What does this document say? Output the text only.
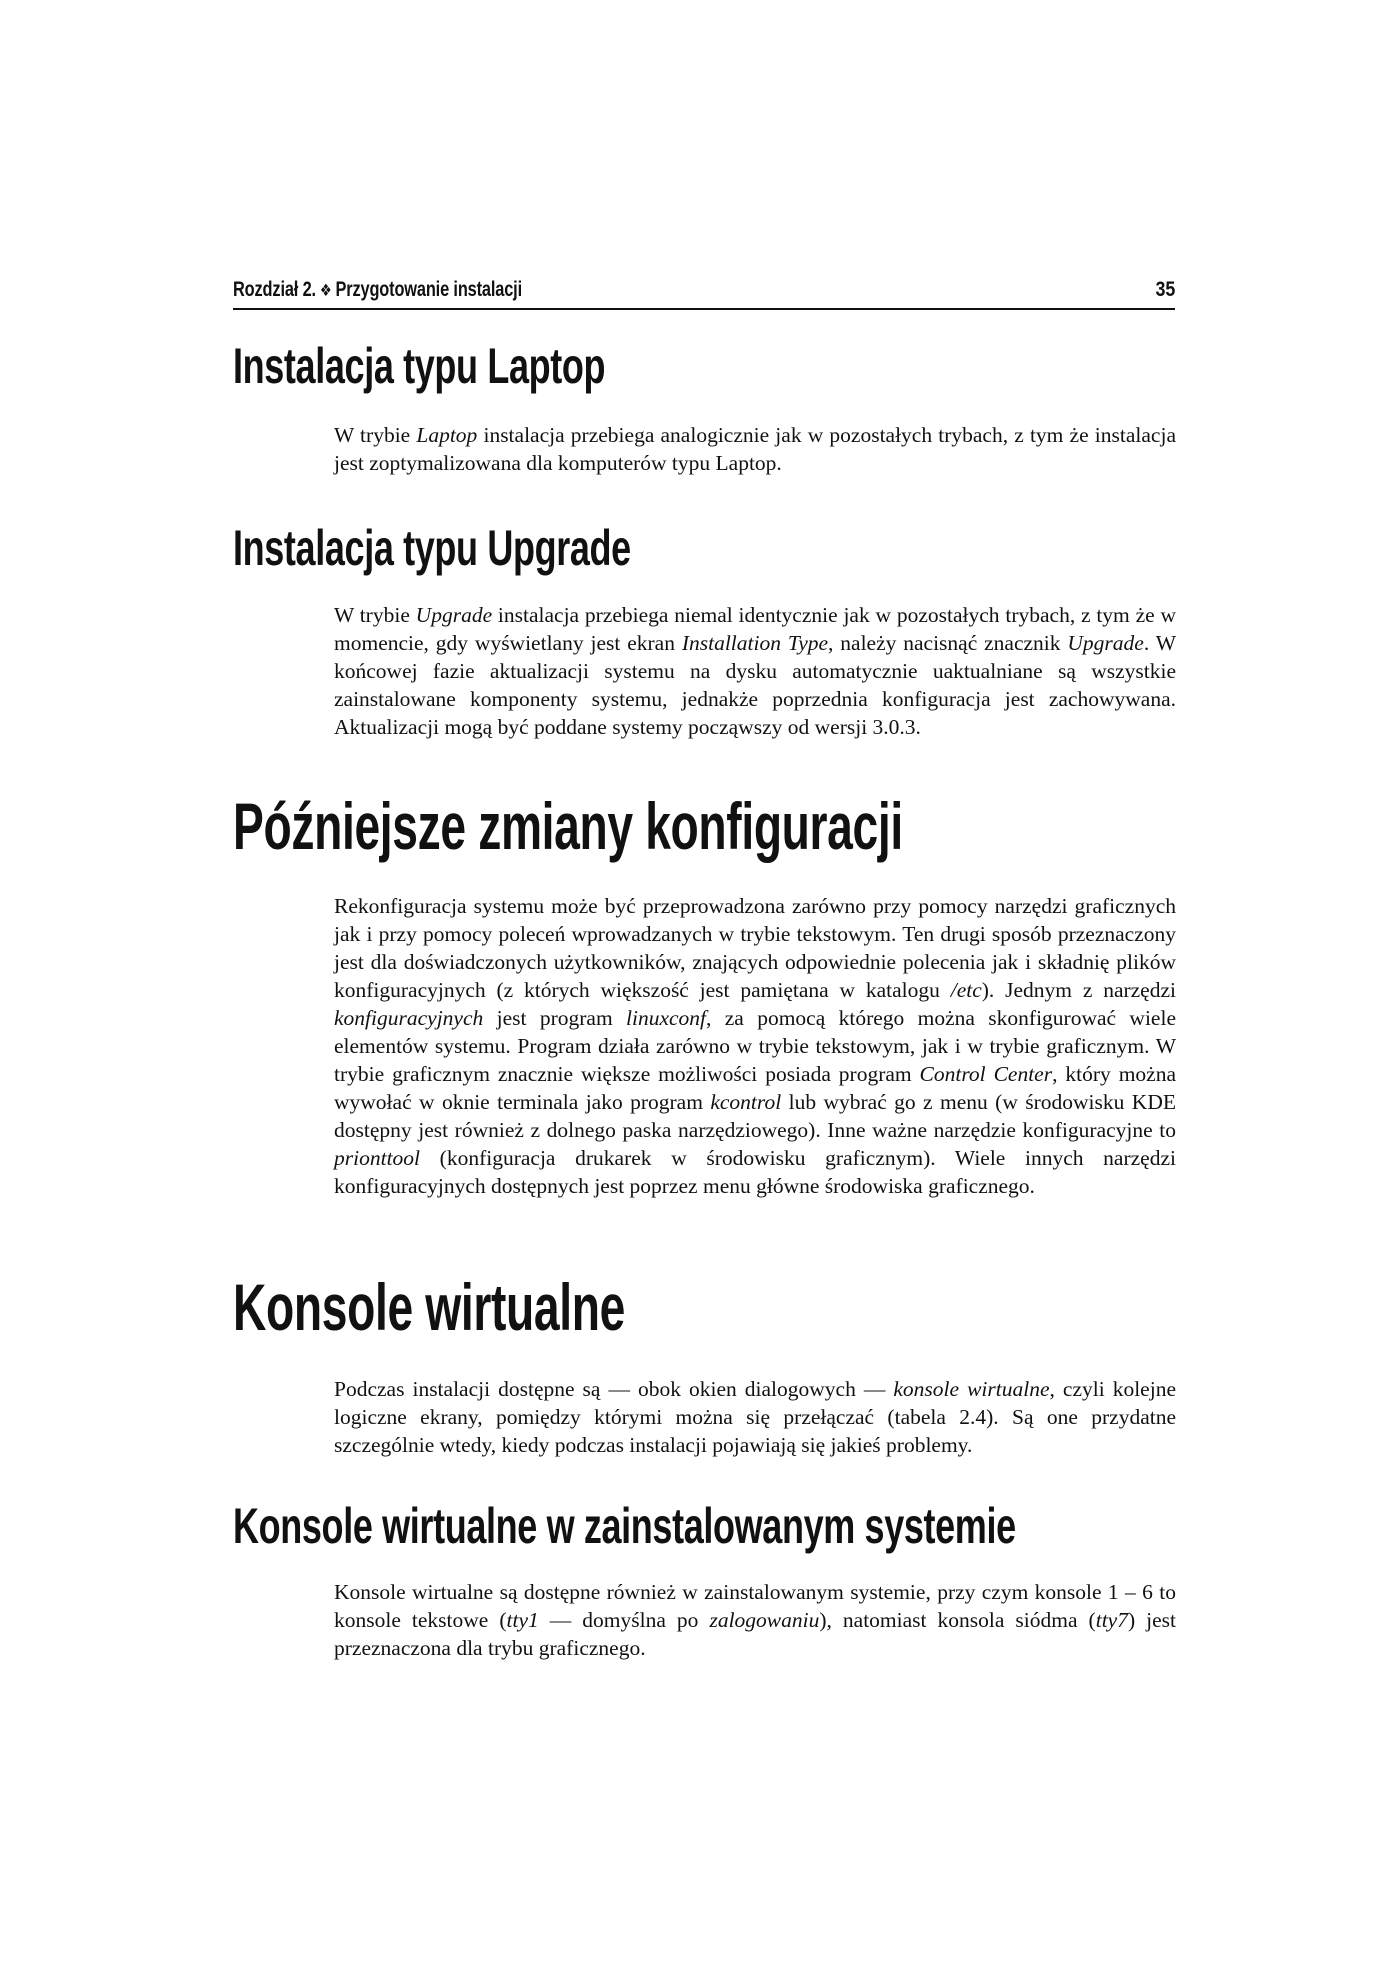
Rozdział 2. ❖ Przygotowanie instalacji	35
Instalacja typu Laptop

W trybie Laptop instalacja przebiega analogicznie jak w pozostałych trybach, z tym że instalacja jest zoptymalizowana dla komputerów typu Laptop.

Instalacja typu Upgrade

W trybie Upgrade instalacja przebiega niemal identycznie jak w pozostałych trybach, z tym że w momencie, gdy wyświetlany jest ekran Installation Type, należy nacisnąć znacznik Upgrade. W końcowej fazie aktualizacji systemu na dysku automatycznie uaktualniane są wszystkie zainstalowane komponenty systemu, jednakże poprzednia konfiguracja jest zachowywana. Aktualizacji mogą być poddane systemy począwszy od wersji 3.0.3.

Późniejsze zmiany konfiguracji

Rekonfiguracja systemu może być przeprowadzona zarówno przy pomocy narzędzi graficznych jak i przy pomocy poleceń wprowadzanych w trybie tekstowym. Ten drugi sposób przeznaczony jest dla doświadczonych użytkowników, znających odpowiednie polecenia jak i składnię plików konfiguracyjnych (z których większość jest pamiętana w katalogu /etc). Jednym z narzędzi konfiguracyjnych jest program linuxconf, za pomocą którego można skonfigurować wiele elementów systemu. Program działa zarówno w trybie tekstowym, jak i w trybie graficznym. W trybie graficznym znacznie większe możliwości posiada program Control Center, który można wywołać w oknie terminala jako program kcontrol lub wybrać go z menu (w środowisku KDE dostępny jest również z dolnego paska narzędziowego). Inne ważne narzędzie konfiguracyjne to prionttool (konfiguracja drukarek w środowisku graficznym). Wiele innych narzędzi konfiguracyjnych dostępnych jest poprzez menu główne środowiska graficznego.

Konsole wirtualne

Podczas instalacji dostępne są — obok okien dialogowych — konsole wirtualne, czyli kolejne logiczne ekrany, pomiędzy którymi można się przełączać (tabela 2.4). Są one przydatne szczególnie wtedy, kiedy podczas instalacji pojawiają się jakieś problemy.

Konsole wirtualne w zainstalowanym systemie

Konsole wirtualne są dostępne również w zainstalowanym systemie, przy czym konsole 1 – 6 to konsole tekstowe (tty1 — domyślna po zalogowaniu), natomiast konsola siódma (tty7) jest przeznaczona dla trybu graficznego.
